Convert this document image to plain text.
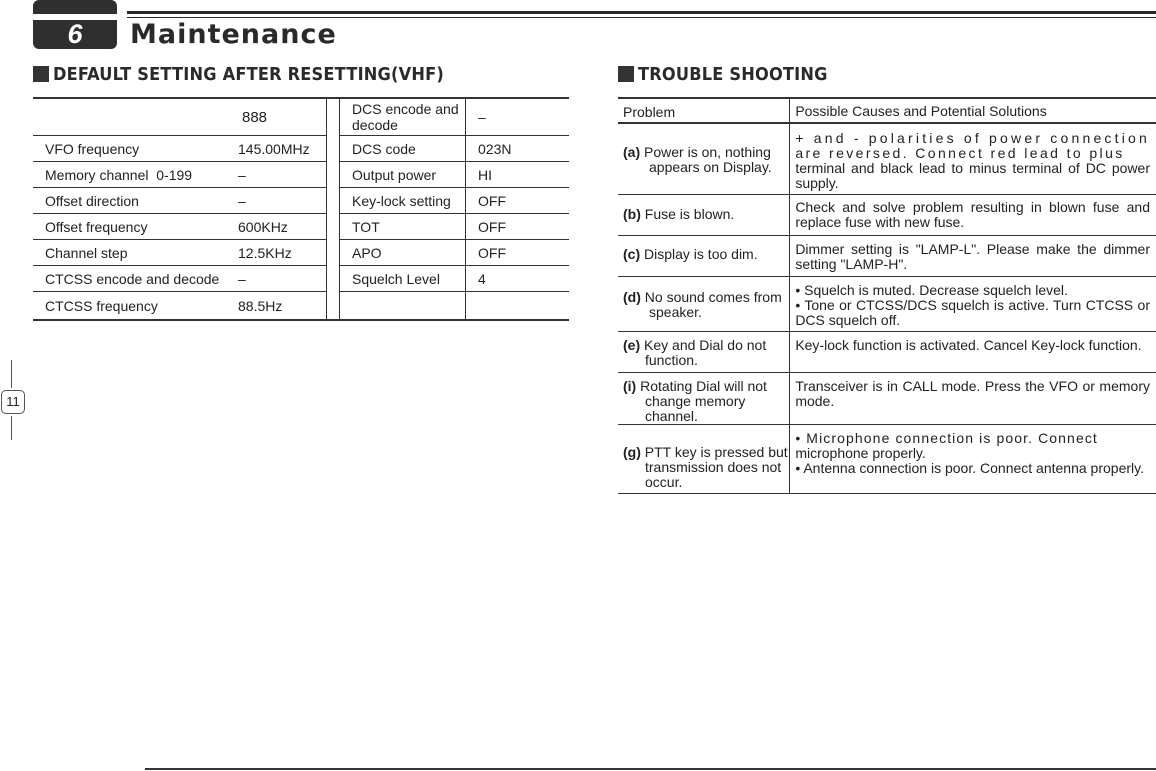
6	Maintenance
DEFAULT SETTING AFTER RESETTING(VHF)
	888		DCS encode and decode	–
VFO frequency	145.00MHz		DCS code	023N
Memory channel  0-199	–		Output power	HI
Offset direction	–		Key-lock setting	OFF
Offset frequency	600KHz		TOT	OFF
Channel step	12.5KHz		APO	OFF
CTCSS encode and decode	–		Squelch Level	4
CTCSS frequency	88.5Hz			
TROUBLE SHOOTING
Problem	Possible Causes and Potential Solutions

(a) Power is on, nothing
appears on Display.	+ and - polarities of power connection
are reversed. Connect red lead to plus
terminal and black lead to minus terminal of DC power supply.

(b) Fuse is blown.	Check and solve problem resulting in blown fuse and replace fuse with new fuse.

(c) Display is too dim.	Dimmer setting is "LAMP-L". Please make the dimmer setting "LAMP-H".

(d) No sound comes from
speaker.	• Squelch is muted. Decrease squelch level.
• Tone or CTCSS/DCS squelch is active. Turn CTCSS or DCS squelch off.

(e) Key and Dial do not
function.	Key-lock function is activated. Cancel Key-lock function.

(i) Rotating Dial will not
change memory channel.	Transceiver is in CALL mode. Press the VFO or memory mode.

(g) PTT key is pressed but
transmission does not occur.	• Microphone connection is poor. Connect
microphone properly.
• Antenna connection is poor. Connect antenna properly.
11
